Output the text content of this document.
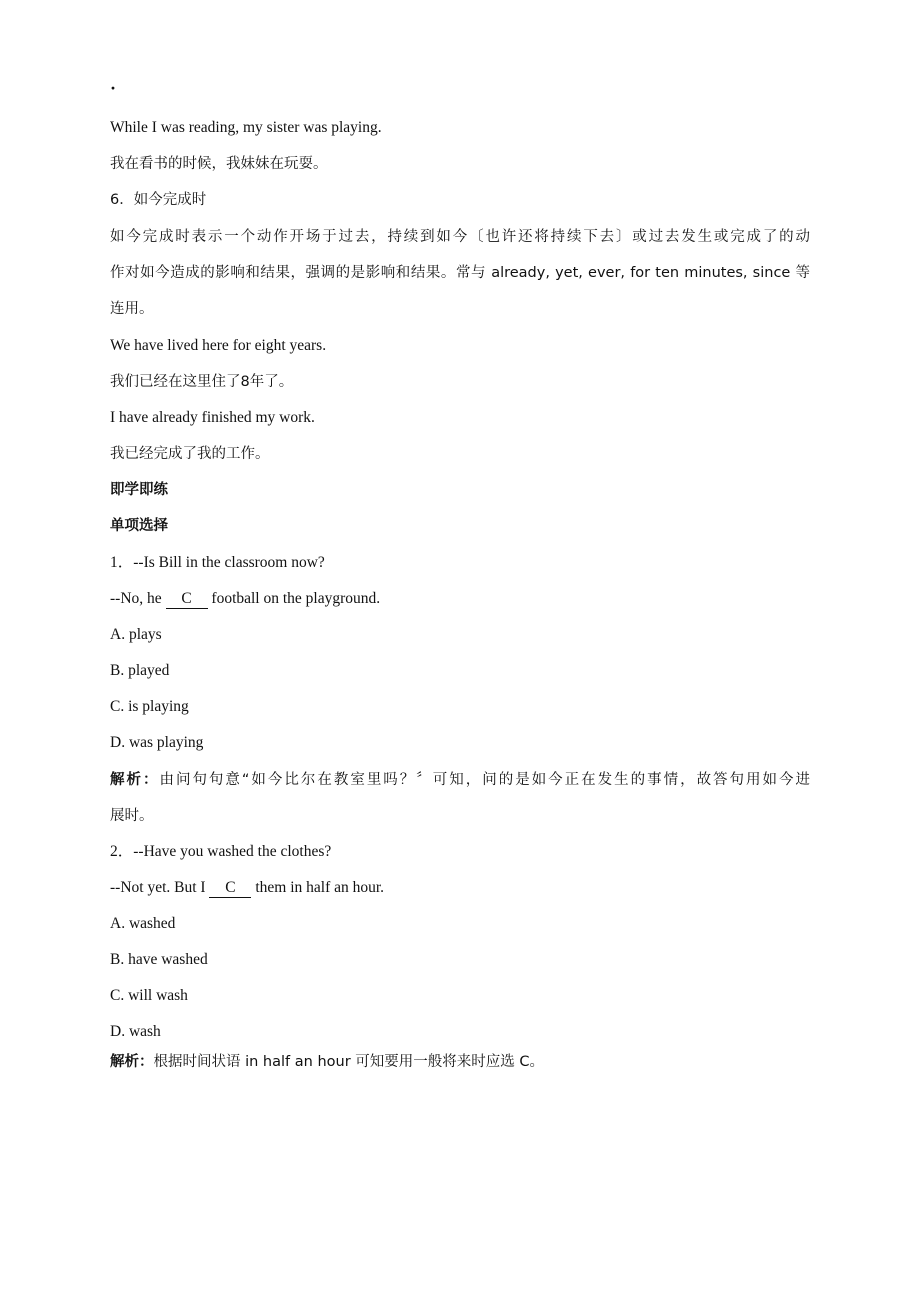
·
While I was reading, my sister was playing.
我在看书的时候，我妹妹在玩耍。
6．如今完成时
如今完成时表示一个动作开场于过去，持续到如今〔也许还将持续下去〕或过去发生或完成了的动
作对如今造成的影响和结果，强调的是影响和结果。常与 already, yet, ever, for ten minutes, since 等
连用。
We have lived here for eight years.
我们已经在这里住了8年了。
I have already finished my work.
我已经完成了我的工作。
即学即练
单项选择
1．--Is Bill in the classroom now?
--No, he C football on the playground.
A. plays
B. played
C. is playing
D. was playing
解析：由问句句意“如今比尔在教室里吗？〞可知，问的是如今正在发生的事情，故答句用如今进
展时。
2．--Have you washed the clothes?
--Not yet. But I C them in half an hour.
A. washed
B. have washed
C. will wash
D. wash
解析：根据时间状语 in half an hour 可知要用一般将来时应选 C。
